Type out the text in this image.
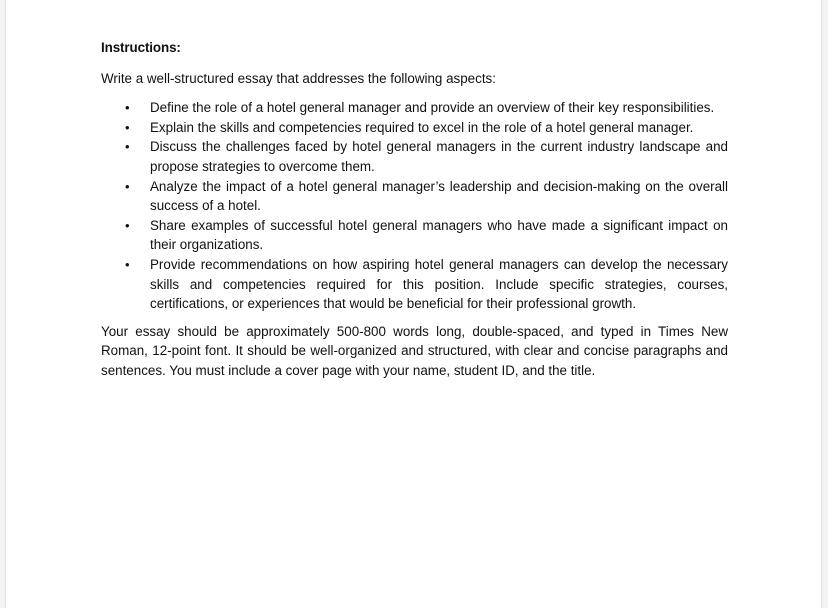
Instructions:

Write a well-structured essay that addresses the following aspects:

• Define the role of a hotel general manager and provide an overview of their key responsibilities.
• Explain the skills and competencies required to excel in the role of a hotel general manager.
• Discuss the challenges faced by hotel general managers in the current industry landscape and propose strategies to overcome them.
• Analyze the impact of a hotel general manager’s leadership and decision-making on the overall success of a hotel.
• Share examples of successful hotel general managers who have made a significant impact on their organizations.
• Provide recommendations on how aspiring hotel general managers can develop the necessary skills and competencies required for this position. Include specific strategies, courses, certifications, or experiences that would be beneficial for their professional growth.

Your essay should be approximately 500-800 words long, double-spaced, and typed in Times New Roman, 12-point font. It should be well-organized and structured, with clear and concise paragraphs and sentences. You must include a cover page with your name, student ID, and the title.
